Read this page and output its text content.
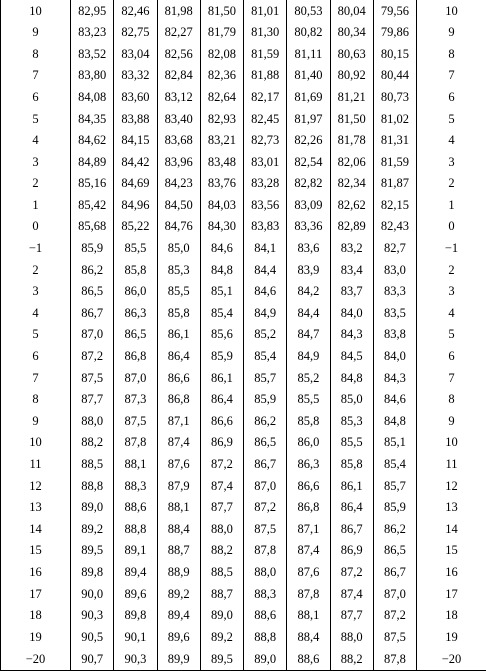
10	82,95	82,46	81,98	81,50	81,01	80,53	80,04	79,56	10
9	83,23	82,75	82,27	81,79	81,30	80,82	80,34	79,86	9
8	83,52	83,04	82,56	82,08	81,59	81,11	80,63	80,15	8
7	83,80	83,32	82,84	82,36	81,88	81,40	80,92	80,44	7
6	84,08	83,60	83,12	82,64	82,17	81,69	81,21	80,73	6
5	84,35	83,88	83,40	82,93	82,45	81,97	81,50	81,02	5
4	84,62	84,15	83,68	83,21	82,73	82,26	81,78	81,31	4
3	84,89	84,42	83,96	83,48	83,01	82,54	82,06	81,59	3
2	85,16	84,69	84,23	83,76	83,28	82,82	82,34	81,87	2
1	85,42	84,96	84,50	84,03	83,56	83,09	82,62	82,15	1
0	85,68	85,22	84,76	84,30	83,83	83,36	82,89	82,43	0
−1	85,9	85,5	85,0	84,6	84,1	83,6	83,2	82,7	−1
2	86,2	85,8	85,3	84,8	84,4	83,9	83,4	83,0	2
3	86,5	86,0	85,5	85,1	84,6	84,2	83,7	83,3	3
4	86,7	86,3	85,8	85,4	84,9	84,4	84,0	83,5	4
5	87,0	86,5	86,1	85,6	85,2	84,7	84,3	83,8	5
6	87,2	86,8	86,4	85,9	85,4	84,9	84,5	84,0	6
7	87,5	87,0	86,6	86,1	85,7	85,2	84,8	84,3	7
8	87,7	87,3	86,8	86,4	85,9	85,5	85,0	84,6	8
9	88,0	87,5	87,1	86,6	86,2	85,8	85,3	84,8	9
10	88,2	87,8	87,4	86,9	86,5	86,0	85,5	85,1	10
11	88,5	88,1	87,6	87,2	86,7	86,3	85,8	85,4	11
12	88,8	88,3	87,9	87,4	87,0	86,6	86,1	85,7	12
13	89,0	88,6	88,1	87,7	87,2	86,8	86,4	85,9	13
14	89,2	88,8	88,4	88,0	87,5	87,1	86,7	86,2	14
15	89,5	89,1	88,7	88,2	87,8	87,4	86,9	86,5	15
16	89,8	89,4	88,9	88,5	88,0	87,6	87,2	86,7	16
17	90,0	89,6	89,2	88,7	88,3	87,8	87,4	87,0	17
18	90,3	89,8	89,4	89,0	88,6	88,1	87,7	87,2	18
19	90,5	90,1	89,6	89,2	88,8	88,4	88,0	87,5	19
−20	90,7	90,3	89,9	89,5	89,0	88,6	88,2	87,8	−20
